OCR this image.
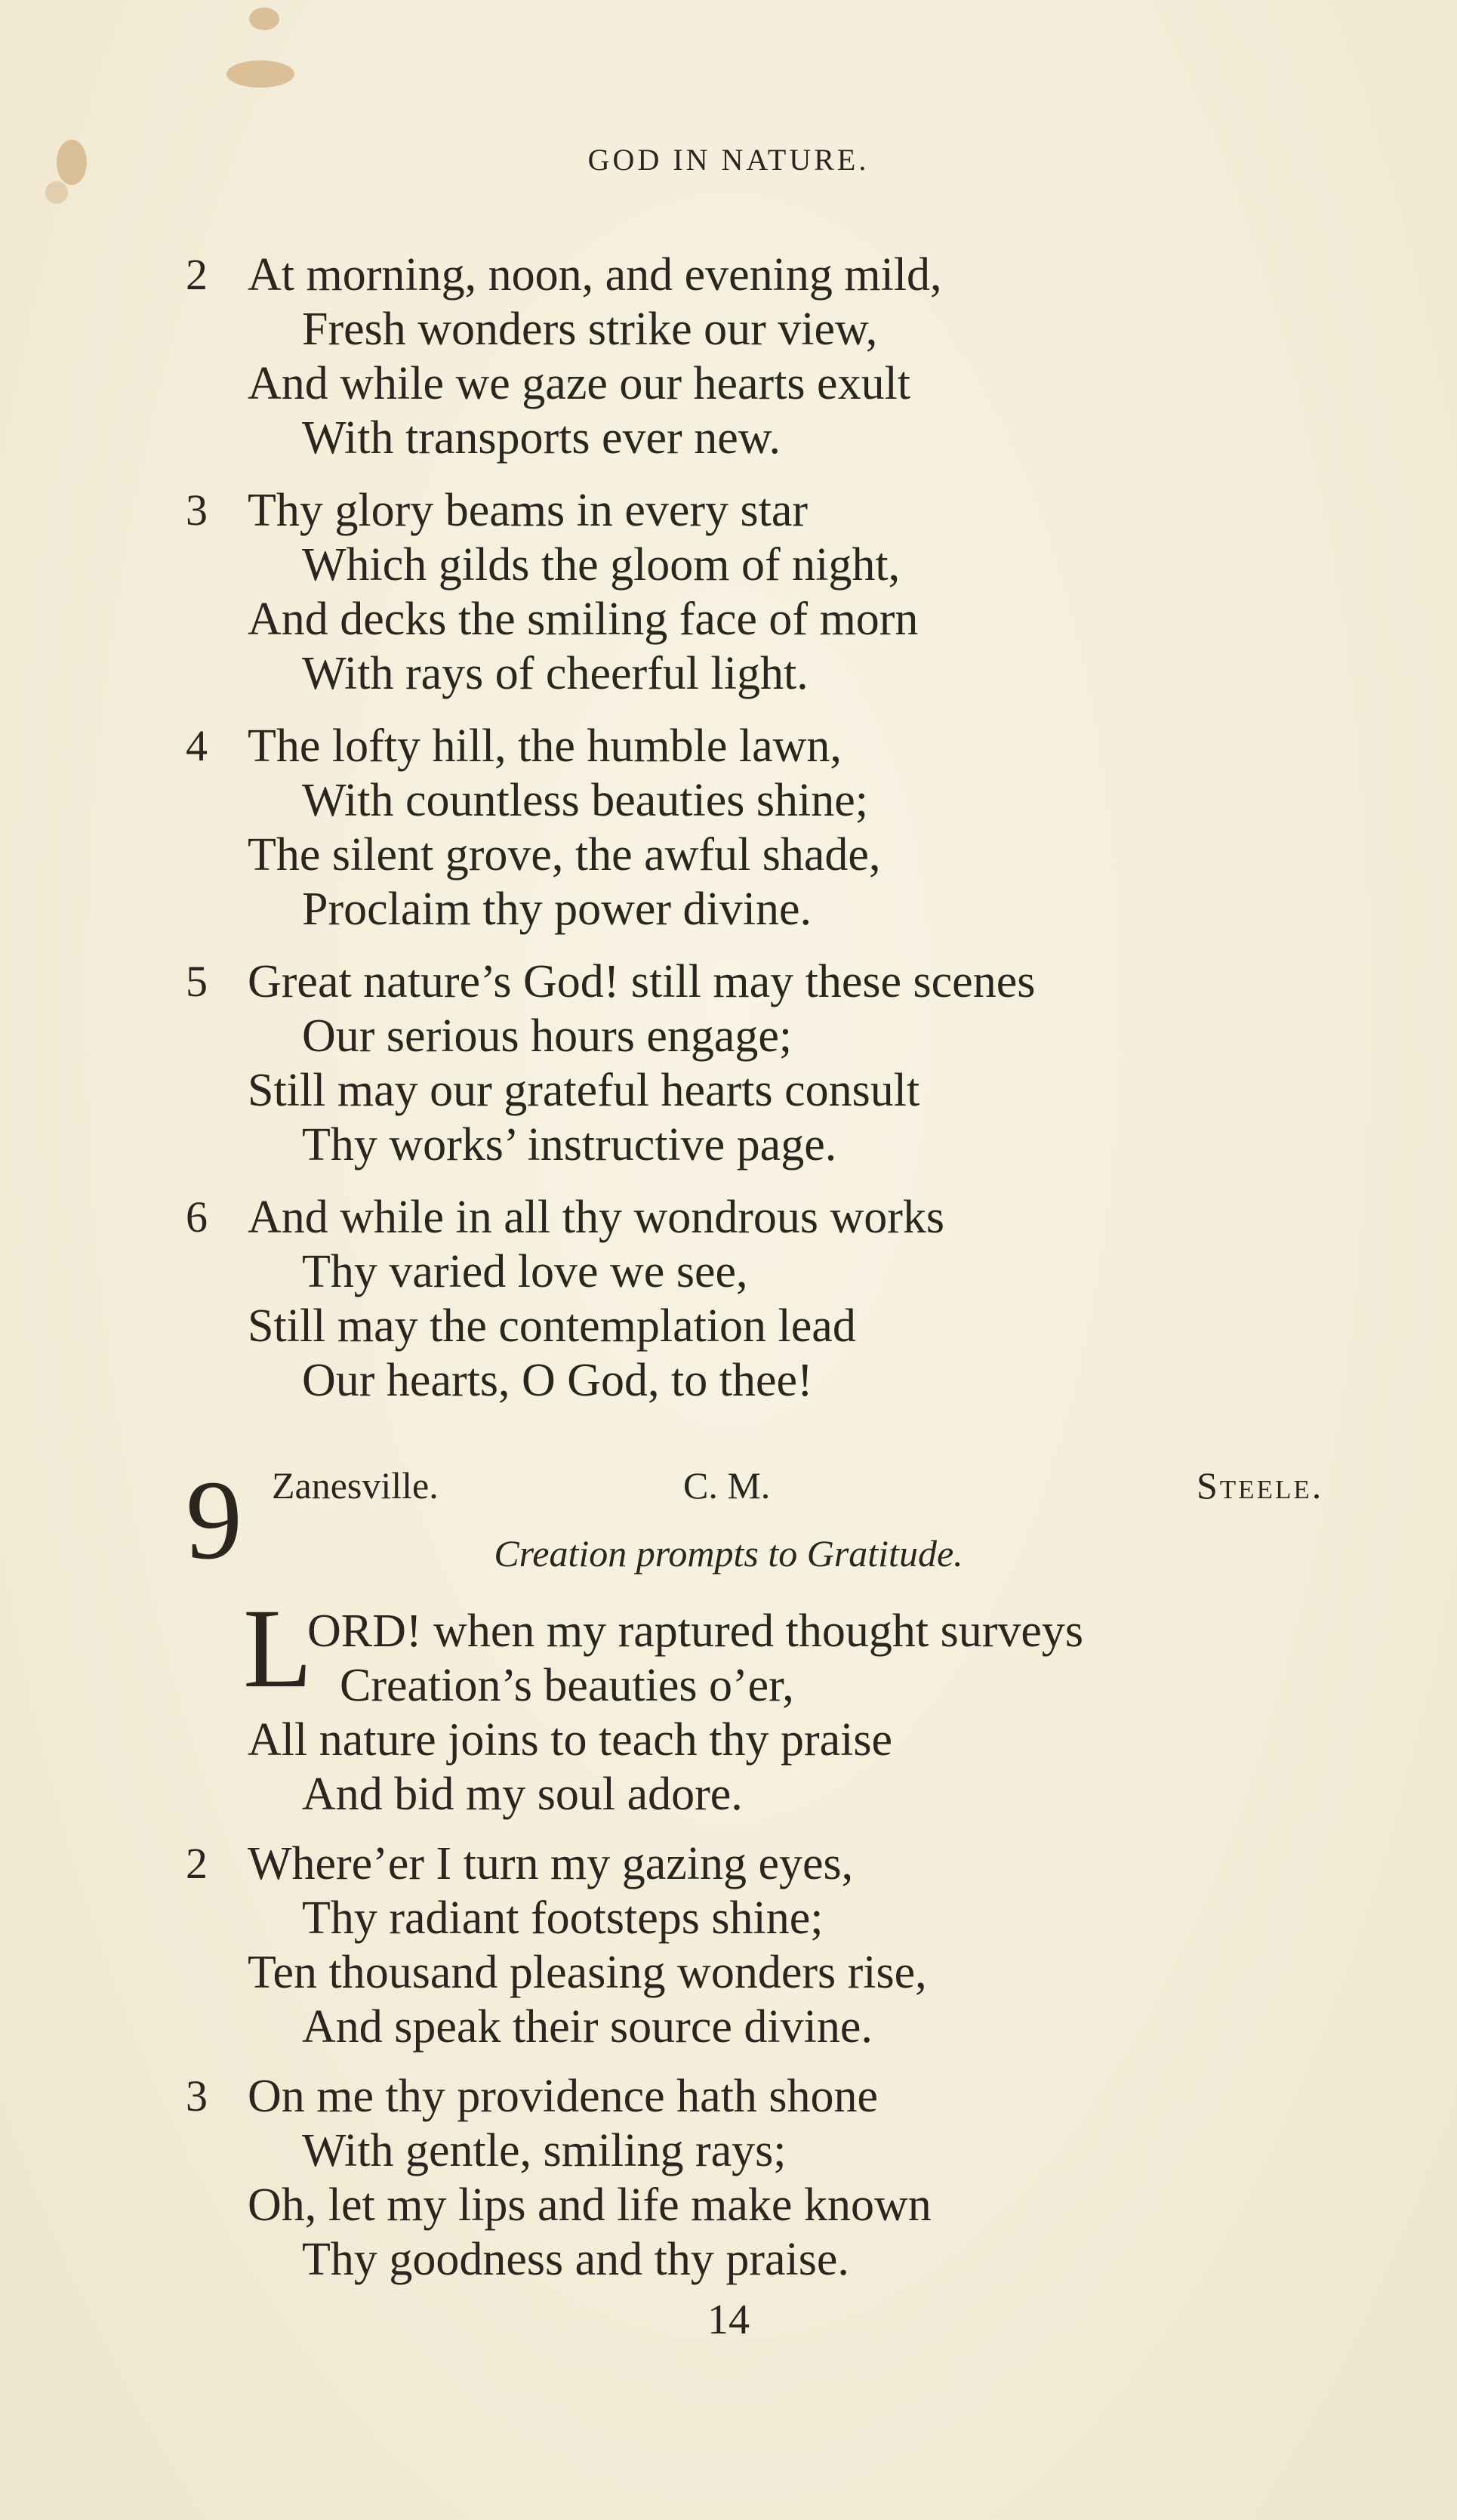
GOD IN NATURE.
2 At morning, noon, and evening mild,
Fresh wonders strike our view,
And while we gaze our hearts exult
With transports ever new.
3 Thy glory beams in every star
Which gilds the gloom of night,
And decks the smiling face of morn
With rays of cheerful light.
4 The lofty hill, the humble lawn,
With countless beauties shine;
The silent grove, the awful shade,
Proclaim thy power divine.
5 Great nature’s God! still may these scenes
Our serious hours engage;
Still may our grateful hearts consult
Thy works’ instructive page.
6 And while in all thy wondrous works
Thy varied love we see,
Still may the contemplation lead
Our hearts, O God, to thee!
9 Zanesville.	C. M.	Steele.
Creation prompts to Gratitude.
L
ORD! when my raptured thought surveys
Creation’s beauties o’er,
All nature joins to teach thy praise
And bid my soul adore.
2 Where’er I turn my gazing eyes,
Thy radiant footsteps shine;
Ten thousand pleasing wonders rise,
And speak their source divine.
3 On me thy providence hath shone
With gentle, smiling rays;
Oh, let my lips and life make known
Thy goodness and thy praise.
14
